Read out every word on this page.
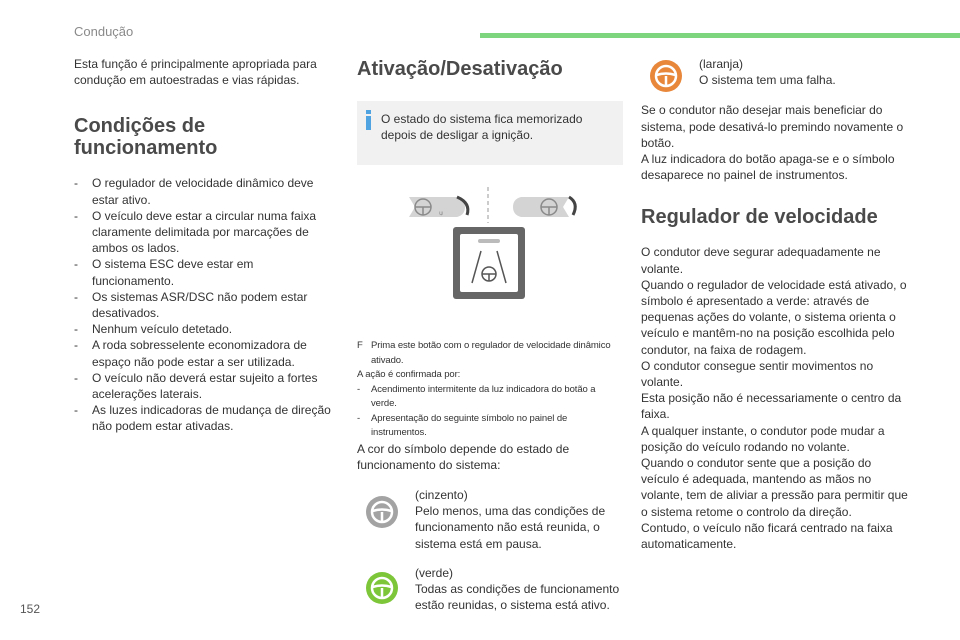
Condução

Esta função é principalmente apropriada para condução em autoestradas e vias rápidas.

Condições de
funcionamento
- O regulador de velocidade dinâmico deve estar ativo.
- O veículo deve estar a circular numa faixa claramente delimitada por marcações de ambos os lados.
- O sistema ESC deve estar em funcionamento.
- Os sistemas ASR/DSC não podem estar desativados.
- Nenhum veículo detetado.
- A roda sobresselente economizadora de espaço não pode estar a ser utilizada.
- O veículo não deverá estar sujeito a fortes acelerações laterais.
- As luzes indicadoras de mudança de direção não podem estar ativadas.
Ativação/Desativação
O estado do sistema fica memorizado depois de desligar a ignição.
⍦
F Prima este botão com o regulador de velocidade dinâmico ativado.
A ação é confirmada por:
- Acendimento intermitente da luz indicadora do botão a verde.
- Apresentação do seguinte símbolo no painel de instrumentos.

A cor do símbolo depende do estado de funcionamento do sistema:

(cinzento)
Pelo menos, uma das condições de funcionamento não está reunida, o sistema está em pausa.
(verde)
Todas as condições de funcionamento estão reunidas, o sistema está ativo.
(laranja)
O sistema tem uma falha.

Se o condutor não desejar mais beneficiar do sistema, pode desativá-lo premindo novamente o botão.

A luz indicadora do botão apaga-se e o símbolo desaparece no painel de instrumentos.

Regulador de velocidade

O condutor deve segurar adequadamente ne volante.

Quando o regulador de velocidade está ativado, o símbolo é apresentado a verde: através de pequenas ações do volante, o sistema orienta o veículo e mantêm-no na posição escolhida pelo condutor, na faixa de rodagem.

O condutor consegue sentir movimentos no volante.

Esta posição não é necessariamente o centro da faixa.

A qualquer instante, o condutor pode mudar a posição do veículo rodando no volante.

Quando o condutor sente que a posição do veículo é adequada, mantendo as mãos no volante, tem de aliviar a pressão para permitir que o sistema retome o controlo da direção.

Contudo, o veículo não ficará centrado na faixa automaticamente.

152
